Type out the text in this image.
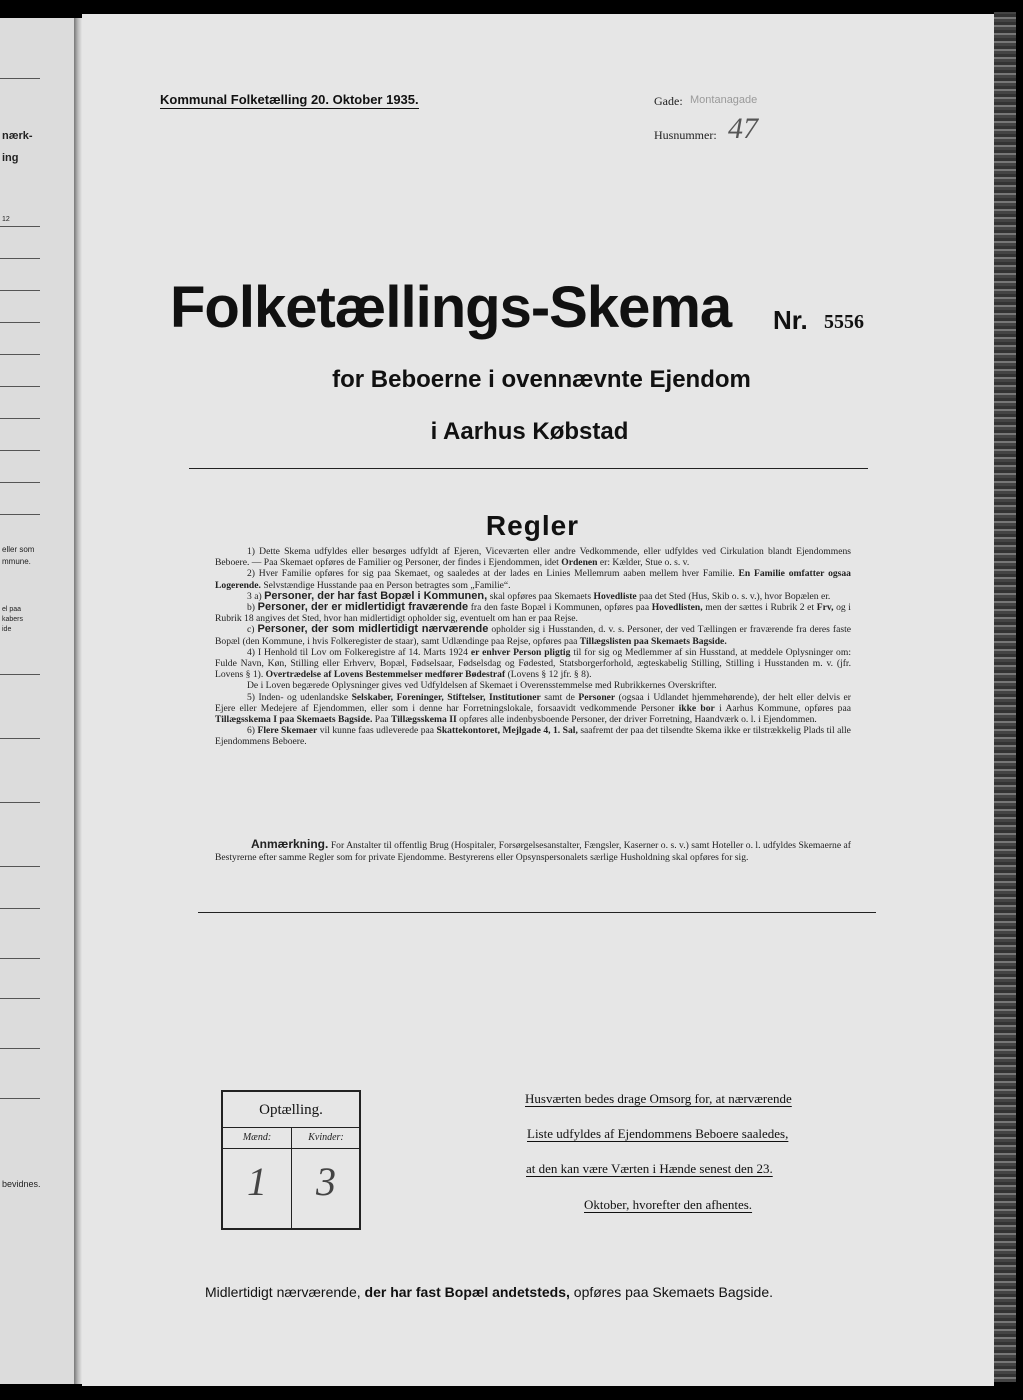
nærk-
ing
12
eller som
mmune.
el paa
kabers
ide
bevidnes.
Kommunal Folketælling 20. Oktober 1935.	Gade: Montanagade
Husnummer: 47
Folketællings-Skema Nr. 5556
for Beboerne i ovennævnte Ejendom
i Aarhus Købstad
Regler

1) Dette Skema udfyldes eller besørges udfyldt af Ejeren, Viceværten eller andre Vedkommende, eller udfyldes ved Cirkulation blandt Ejendommens Beboere. — Paa Skemaet opføres de Familier og Personer, der findes i Ejendommen, idet Ordenen er: Kælder, Stue o. s. v.

2) Hver Familie opføres for sig paa Skemaet, og saaledes at der lades en Linies Mellemrum aaben mellem hver Familie. En Familie omfatter ogsaa Logerende. Selvstændige Husstande paa en Person betragtes som „Familie“.

3 a) Personer, der har fast Bopæl i Kommunen, skal opføres paa Skemaets Hovedliste paa det Sted (Hus, Skib o. s. v.), hvor Bopælen er.

b) Personer, der er midlertidigt fraværende fra den faste Bopæl i Kommunen, opføres paa Hovedlisten, men der sættes i Rubrik 2 et Frv, og i Rubrik 18 angives det Sted, hvor han midlertidigt opholder sig, eventuelt om han er paa Rejse.

c) Personer, der som midlertidigt nærværende opholder sig i Husstanden, d. v. s. Personer, der ved Tællingen er fraværende fra deres faste Bopæl (den Kommune, i hvis Folkeregister de staar), samt Udlændinge paa Rejse, opføres paa Tillægslisten paa Skemaets Bagside.

4) I Henhold til Lov om Folkeregistre af 14. Marts 1924 er enhver Person pligtig til for sig og Medlemmer af sin Husstand, at meddele Oplysninger om: Fulde Navn, Køn, Stilling eller Erhverv, Bopæl, Fødselsaar, Fødselsdag og Fødested, Statsborgerforhold, ægteskabelig Stilling, Stilling i Husstanden m. v. (jfr. Lovens § 1). Overtrædelse af Lovens Bestemmelser medfører Bødestraf (Lovens § 12 jfr. § 8).

De i Loven begærede Oplysninger gives ved Udfyldelsen af Skemaet i Overensstemmelse med Rubrikkernes Overskrifter.

5) Inden- og udenlandske Selskaber, Foreninger, Stiftelser, Institutioner samt de Personer (ogsaa i Udlandet hjemmehørende), der helt eller delvis er Ejere eller Medejere af Ejendommen, eller som i denne har Forretningslokale, forsaavidt vedkommende Personer ikke bor i Aarhus Kommune, opføres paa Tillægsskema I paa Skemaets Bagside. Paa Tillægsskema II opføres alle indenbysboende Personer, der driver Forretning, Haandværk o. l. i Ejendommen.

6) Flere Skemaer vil kunne faas udleverede paa Skattekontoret, Mejlgade 4, 1. Sal, saafremt der paa det tilsendte Skema ikke er tilstrækkelig Plads til alle Ejendommens Beboere.

Anmærkning. For Anstalter til offentlig Brug (Hospitaler, Forsørgelsesanstalter, Fængsler, Kaserner o. s. v.) samt Hoteller o. l. udfyldes Skemaerne af Bestyrerne efter samme Regler som for private Ejendomme. Bestyrerens eller Opsynspersonalets særlige Husholdning skal opføres for sig.
Optælling.
Mænd:	Kvinder:
1	3
Husværten bedes drage Omsorg for, at nærværende
Liste udfyldes af Ejendommens Beboere saaledes,
at den kan være Værten i Hænde senest den 23.
Oktober, hvorefter den afhentes.
Midlertidigt nærværende, der har fast Bopæl andetsteds, opføres paa Skemaets Bagside.
